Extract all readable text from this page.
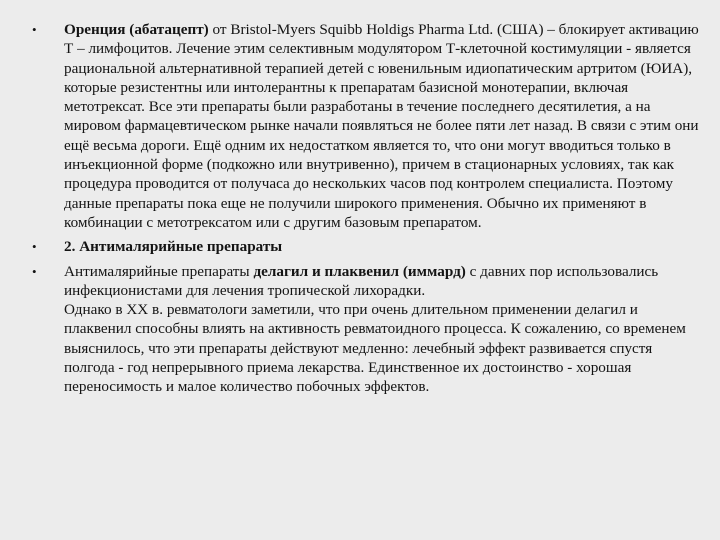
•	Оренция (абатацепт) от Bristol-Myers Squibb Holdigs Pharma Ltd. (США) – блокирует активацию Т – лимфоцитов. Лечение этим селективным модулятором Т-клеточной костимуляции - является рациональной альтернативной терапией детей с ювенильным идиопатическим артритом (ЮИА), которые резистентны или интолерантны к препаратам базисной монотерапии, включая метотрексат. Все эти препараты были разработаны в течение последнего десятилетия, а на мировом фармацевтическом рынке начали появляться не более пяти лет назад. В связи с этим они ещё весьма дороги. Ещё одним их недостатком является то, что они могут вводиться только в инъекционной форме (подкожно или внутривенно), причем в стационарных условиях, так как процедура проводится от получаса до нескольких часов под контролем специалиста. Поэтому данные препараты пока еще не получили широкого применения. Обычно их применяют в комбинации с метотрексатом или с другим базовым препаратом.
•	2. Антималярийные препараты
•	Антималярийные препараты делагил и плаквенил (иммард) с давних пор использовались инфекционистами для лечения тропической лихорадки.
Однако в ХХ в. ревматологи заметили, что при очень длительном применении делагил и плаквенил способны влиять на активность ревматоидного процесса. К сожалению, со временем выяснилось, что эти препараты действуют медленно: лечебный эффект развивается спустя полгода - год непрерывного приема лекарства. Единственное их достоинство - хорошая переносимость и малое количество побочных эффектов.
